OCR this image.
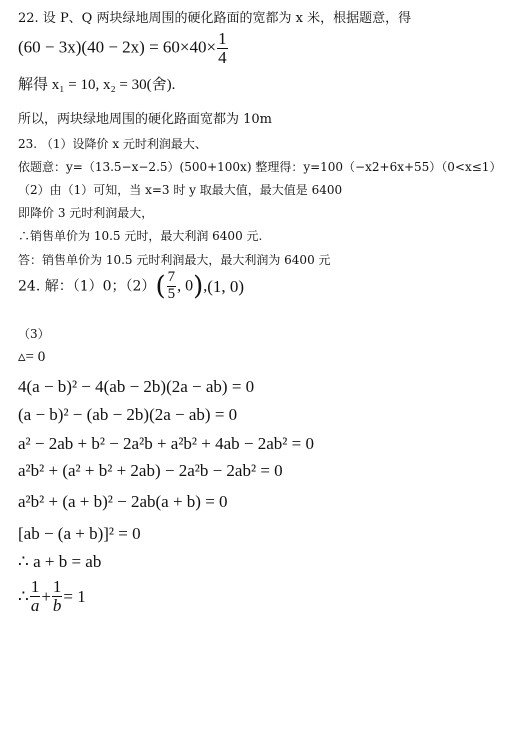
22. 设 P、Q 两块绿地周围的硬化路面的宽都为 x 米，根据题意，得
$(60 - 3x)(40 - 2x) = 60\times 40\times \frac{1}{4}$
解得 x₁ = 10, x₂ = 30(舍).
所以，两块绿地周围的硬化路面宽都为 10m
23. （1）设降价 x 元时利润最大、
依题意：y=（13.5−x−2.5）(500+100x) 整理得：y=100（−x2+6x+55）（0<x≤1）
（2）由（1）可知，当 x=3 时 y 取最大值，最大值是 6400
即降价 3 元时利润最大，
∴销售单价为 10.5 元时，最大利润 6400 元.
答：销售单价为 10.5 元时利润最大，最大利润为 6400 元
24. 解：（1）0；$(2)( \frac{7}{5}$ , 0),(1, 0)
（3）
▵= 0
4(a − b)² − 4(ab − 2b)(2a − ab) = 0
(a − b)² − (ab − 2b)(2a − ab) = 0
a² − 2ab + b² − 2a²b + a²b² + 4ab − 2ab² = 0
a²b² + (a² + b² + 2ab) − 2a²b − 2ab² = 0
a²b² + (a + b)² − 2ab(a + b) = 0
[ab − (a + b)]² = 0
∴ a + b = ab
∴ $\frac{1}{a} + \frac{1}{b} = 1$
